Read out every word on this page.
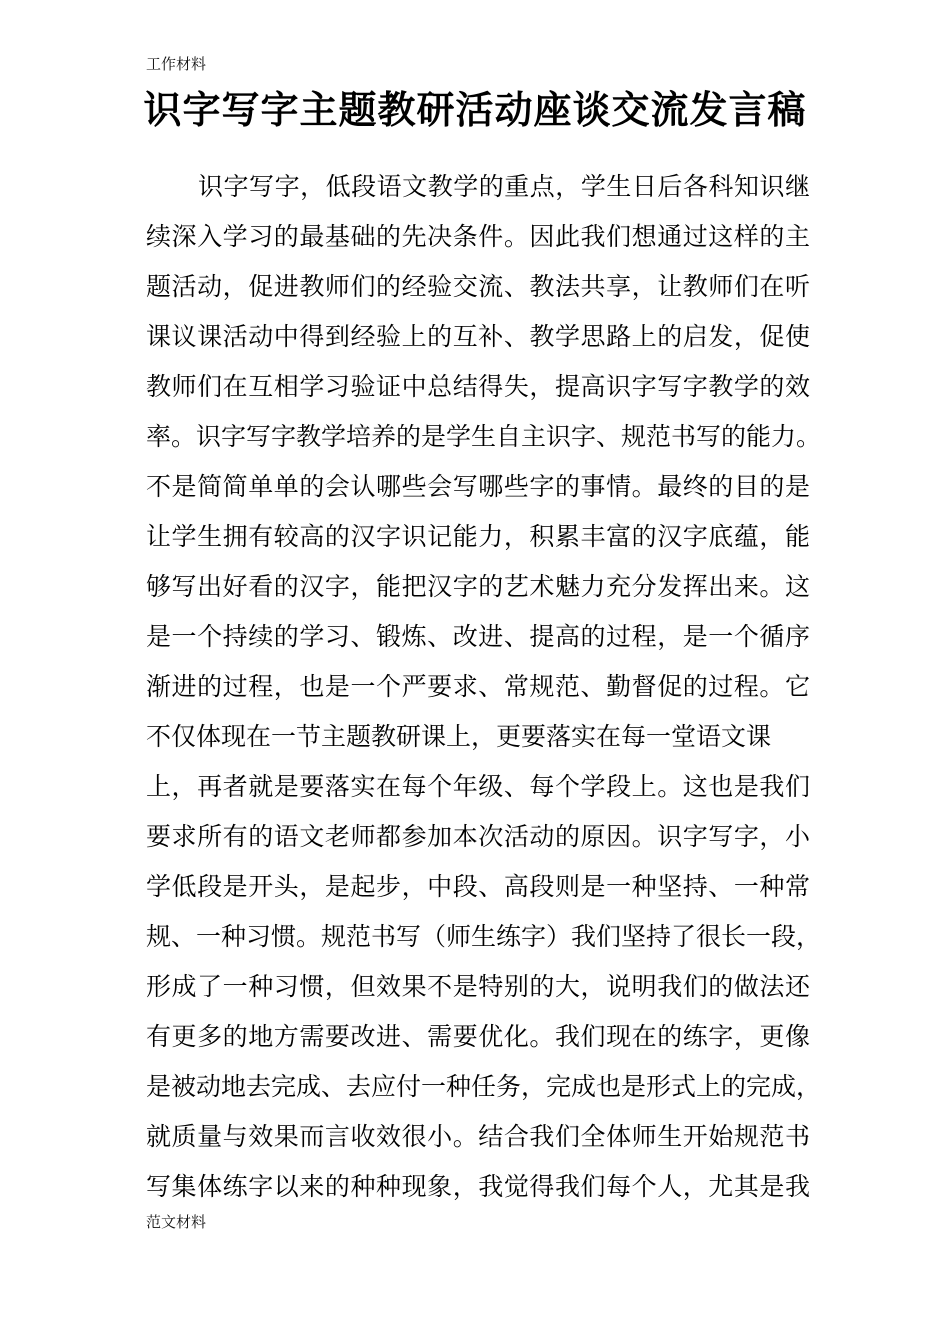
工作材料
识字写字主题教研活动座谈交流发言稿
识字写字，低段语文教学的重点，学生日后各科知识继
续深入学习的最基础的先决条件。因此我们想通过这样的主
题活动，促进教师们的经验交流、教法共享，让教师们在听
课议课活动中得到经验上的互补、教学思路上的启发，促使
教师们在互相学习验证中总结得失，提高识字写字教学的效
率。识字写字教学培养的是学生自主识字、规范书写的能力。
不是简简单单的会认哪些会写哪些字的事情。最终的目的是
让学生拥有较高的汉字识记能力，积累丰富的汉字底蕴，能
够写出好看的汉字，能把汉字的艺术魅力充分发挥出来。这
是一个持续的学习、锻炼、改进、提高的过程，是一个循序
渐进的过程，也是一个严要求、常规范、勤督促的过程。它
不仅体现在一节主题教研课上，更要落实在每一堂语文课
上，再者就是要落实在每个年级、每个学段上。这也是我们
要求所有的语文老师都参加本次活动的原因。识字写字，小
学低段是开头，是起步，中段、高段则是一种坚持、一种常
规、一种习惯。规范书写（师生练字）我们坚持了很长一段，
形成了一种习惯，但效果不是特别的大，说明我们的做法还
有更多的地方需要改进、需要优化。我们现在的练字，更像
是被动地去完成、去应付一种任务，完成也是形式上的完成，
就质量与效果而言收效很小。结合我们全体师生开始规范书
写集体练字以来的种种现象，我觉得我们每个人，尤其是我
范文材料
